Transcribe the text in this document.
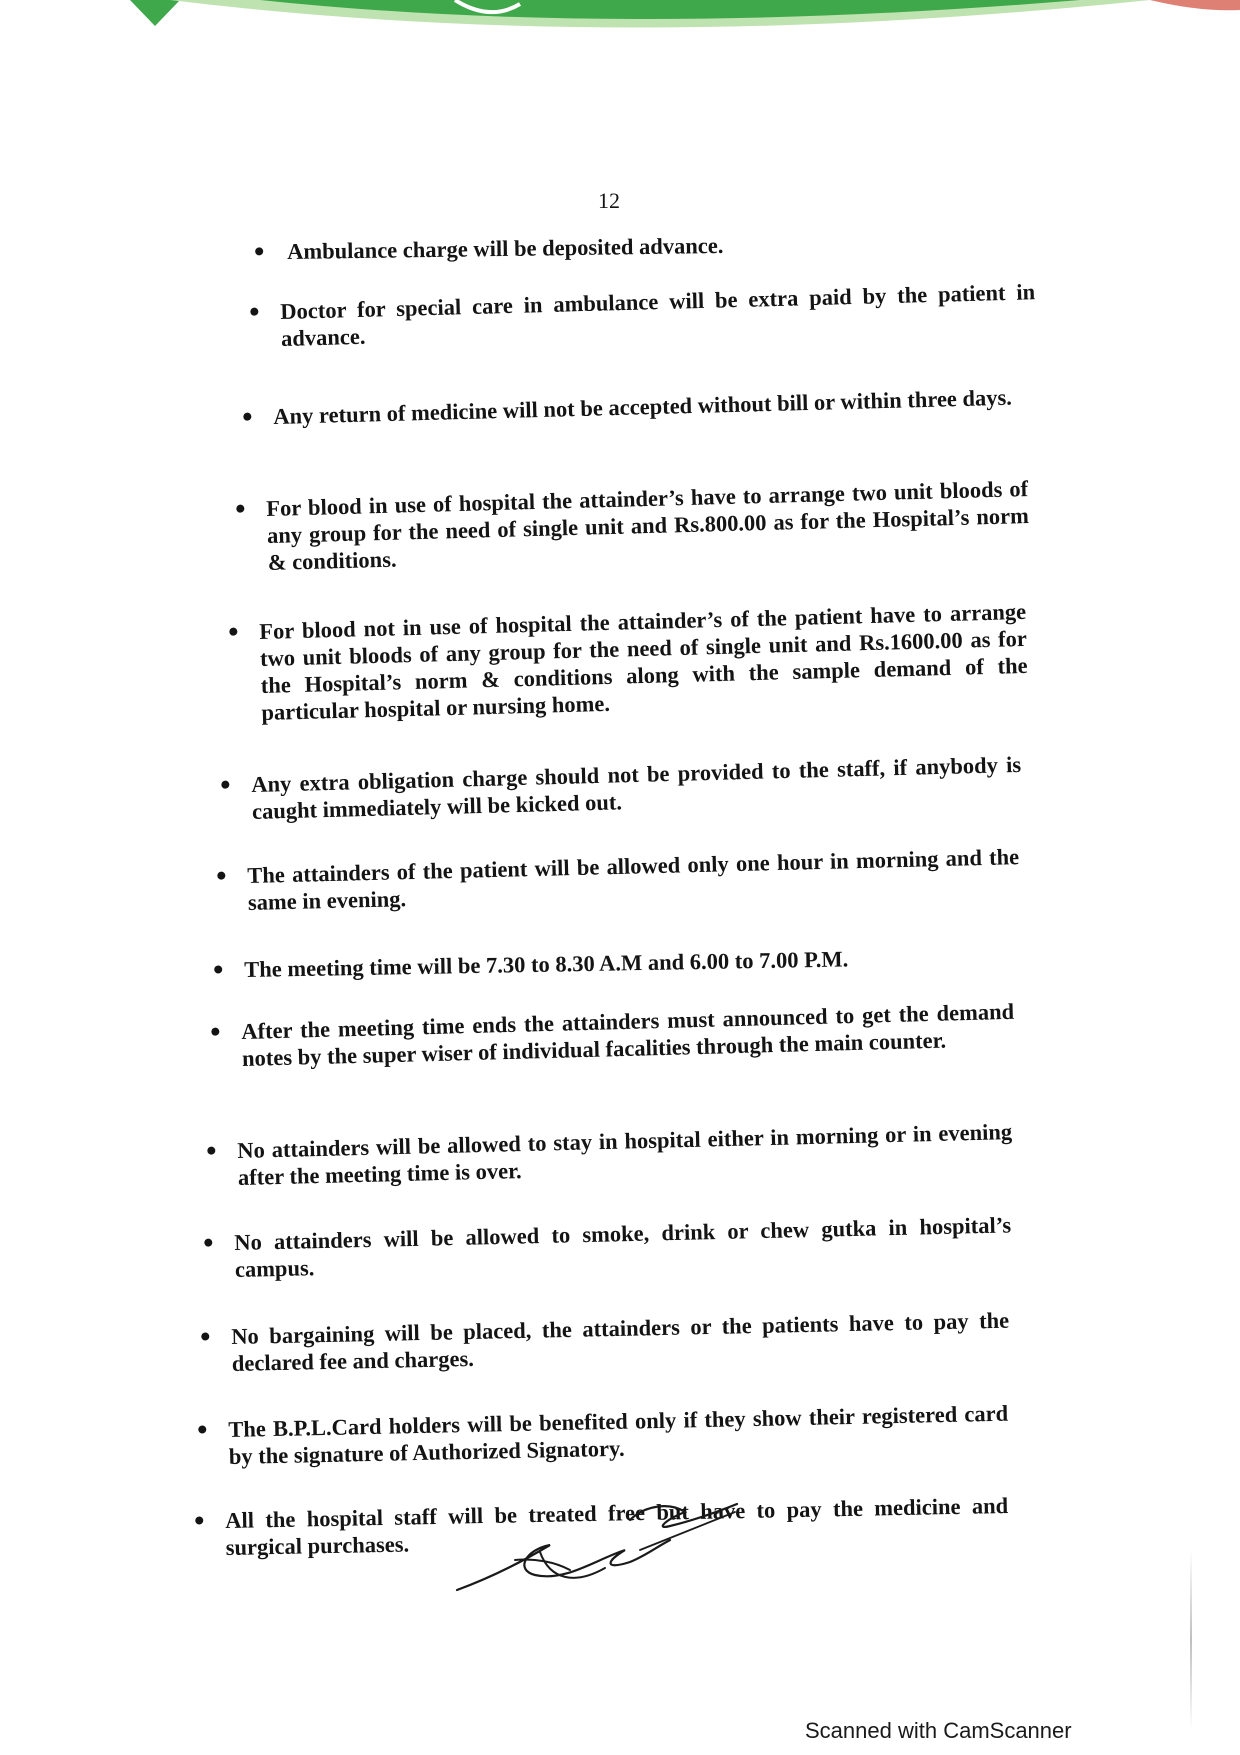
12
Ambulance charge will be deposited advance.
Doctor for special care in ambulance will be extra paid by the patient in advance.
Any return of medicine will not be accepted without bill or within three days.
For blood in use of hospital the attainder’s have to arrange two unit bloods of any group for the need of single unit and Rs.800.00 as for the Hospital’s norm & conditions.
For blood not in use of hospital the attainder’s of the patient have to arrange two unit bloods of any group for the need of single unit and Rs.1600.00 as for the Hospital’s norm & conditions along with the sample demand of the particular hospital or nursing home.
Any extra obligation charge should not be provided to the staff, if anybody is caught immediately will be kicked out.
The attainders of the patient will be allowed only one hour in morning and the same in evening.
The meeting time will be 7.30 to 8.30 A.M and 6.00 to 7.00 P.M.
After the meeting time ends the attainders must announced to get the demand notes by the super wiser of individual facalities through the main counter.
No attainders will be allowed to stay in hospital either in morning or in evening after the meeting time is over.
No attainders will be allowed to smoke, drink or chew gutka in hospital’s campus.
No bargaining will be placed, the attainders or the patients have to pay the declared fee and charges.
The B.P.L.Card holders will be benefited only if they show their registered card by the signature of Authorized Signatory.
All the hospital staff will be treated free but have to pay the medicine and surgical purchases.
Scanned with CamScanner
